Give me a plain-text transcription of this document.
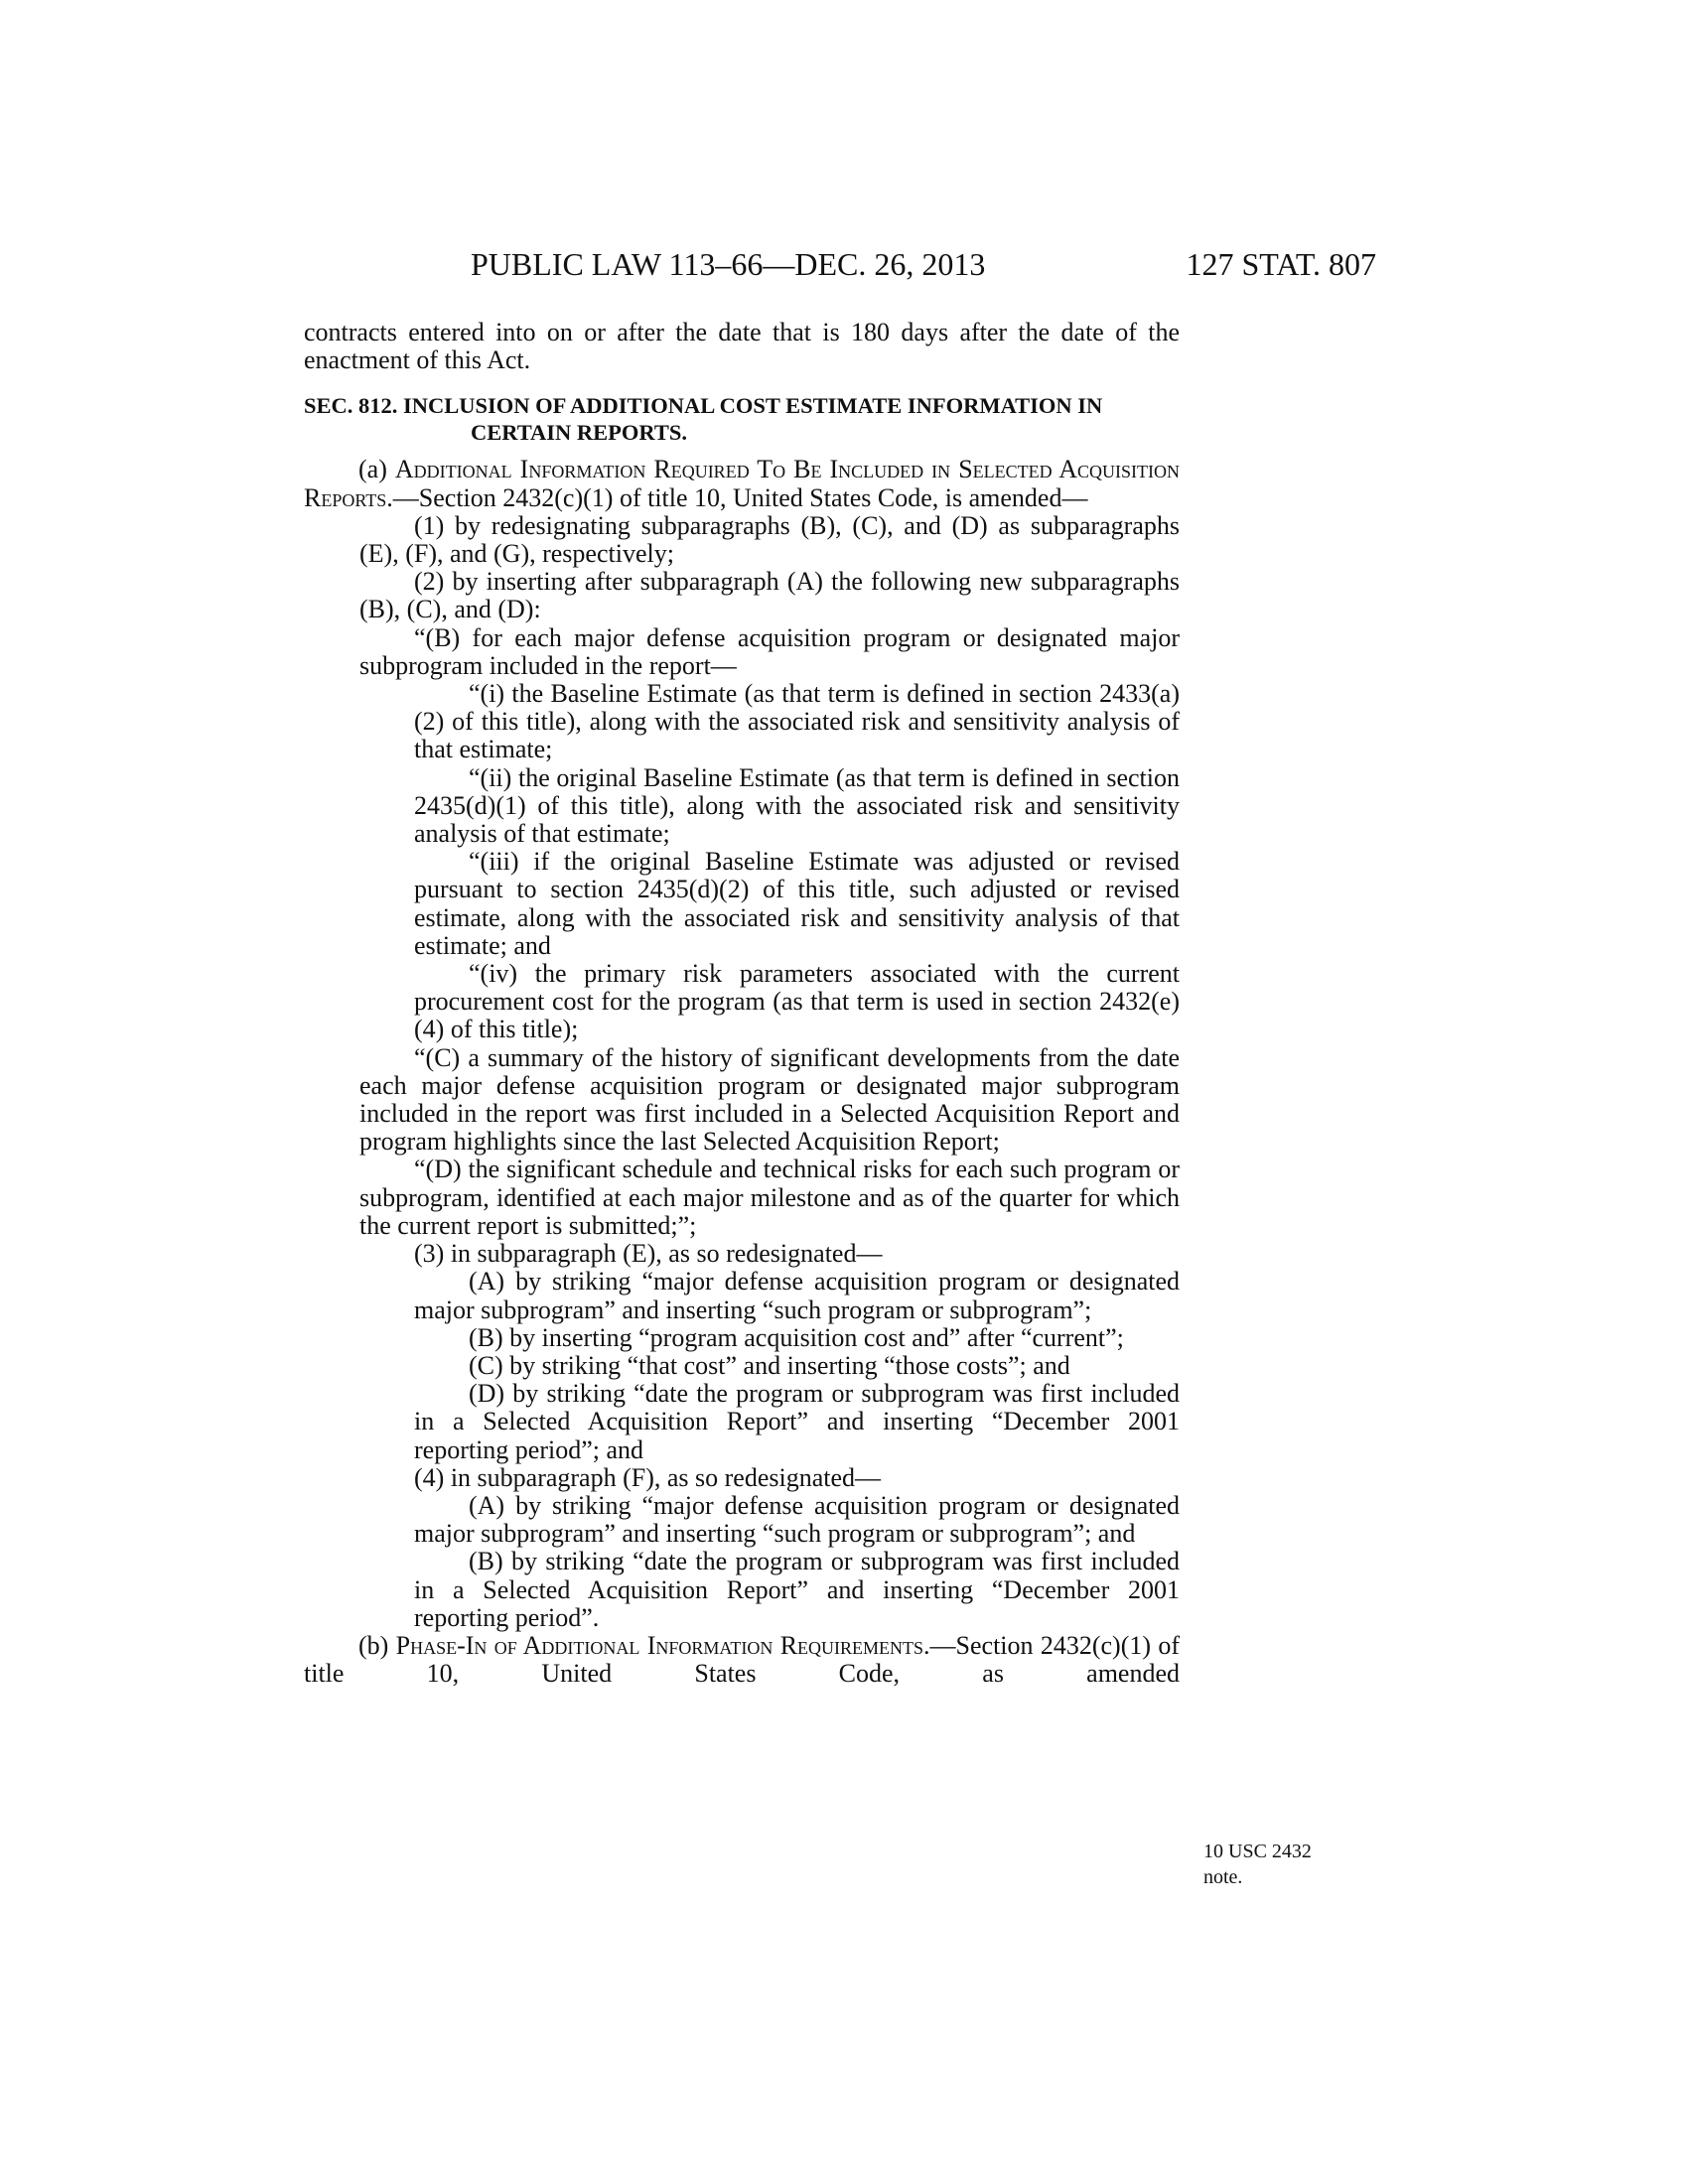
PUBLIC LAW 113–66—DEC. 26, 2013	127 STAT. 807

contracts entered into on or after the date that is 180 days after the date of the enactment of this Act.

SEC. 812. INCLUSION OF ADDITIONAL COST ESTIMATE INFORMATION IN CERTAIN REPORTS.

(a) Additional Information Required To Be Included in Selected Acquisition Reports.—Section 2432(c)(1) of title 10, United States Code, is amended—

(1) by redesignating subparagraphs (B), (C), and (D) as subparagraphs (E), (F), and (G), respectively;

(2) by inserting after subparagraph (A) the following new subparagraphs (B), (C), and (D):

“(B) for each major defense acquisition program or designated major subprogram included in the report—

“(i) the Baseline Estimate (as that term is defined in section 2433(a)(2) of this title), along with the associated risk and sensitivity analysis of that estimate;

“(ii) the original Baseline Estimate (as that term is defined in section 2435(d)(1) of this title), along with the associated risk and sensitivity analysis of that estimate;

“(iii) if the original Baseline Estimate was adjusted or revised pursuant to section 2435(d)(2) of this title, such adjusted or revised estimate, along with the associated risk and sensitivity analysis of that estimate; and

“(iv) the primary risk parameters associated with the current procurement cost for the program (as that term is used in section 2432(e)(4) of this title);

“(C) a summary of the history of significant developments from the date each major defense acquisition program or designated major subprogram included in the report was first included in a Selected Acquisition Report and program highlights since the last Selected Acquisition Report;

“(D) the significant schedule and technical risks for each such program or subprogram, identified at each major milestone and as of the quarter for which the current report is submitted;”;

(3) in subparagraph (E), as so redesignated—

(A) by striking “major defense acquisition program or designated major subprogram” and inserting “such program or subprogram”;

(B) by inserting “program acquisition cost and” after “current”;

(C) by striking “that cost” and inserting “those costs”; and

(D) by striking “date the program or subprogram was first included in a Selected Acquisition Report” and inserting “December 2001 reporting period”; and

(4) in subparagraph (F), as so redesignated—

(A) by striking “major defense acquisition program or designated major subprogram” and inserting “such program or subprogram”; and

(B) by striking “date the program or subprogram was first included in a Selected Acquisition Report” and inserting “December 2001 reporting period”.

(b) Phase-In of Additional Information Requirements.—Section 2432(c)(1) of title 10, United States Code, as amended

10 USC 2432
note.
